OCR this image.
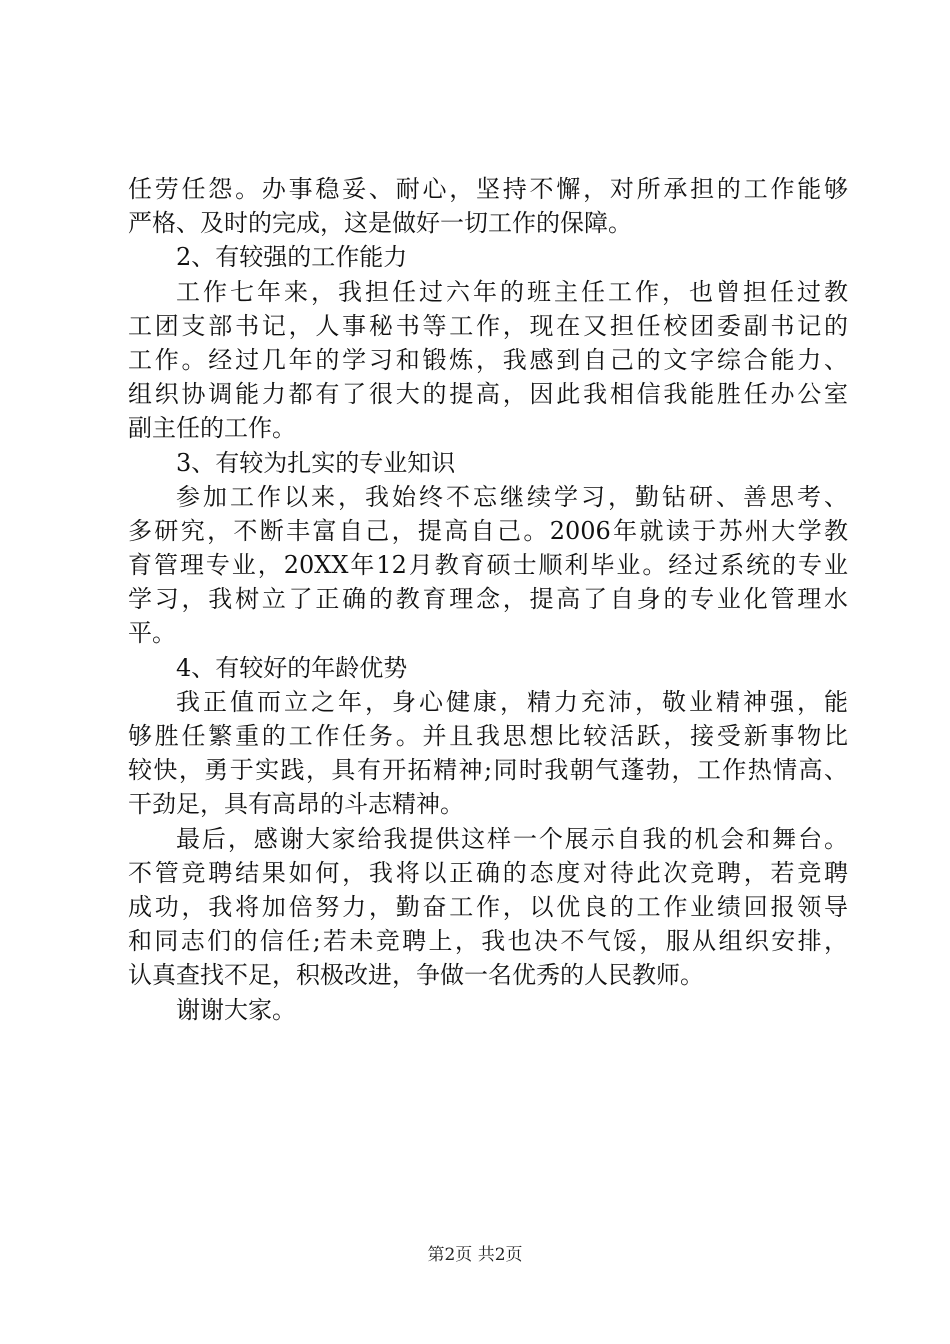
任劳任怨。办事稳妥、耐心，坚持不懈，对所承担的工作能够
严格、及时的完成，这是做好一切工作的保障。
2、有较强的工作能力
工作七年来，我担任过六年的班主任工作，也曾担任过教
工团支部书记，人事秘书等工作，现在又担任校团委副书记的
工作。经过几年的学习和锻炼，我感到自己的文字综合能力、
组织协调能力都有了很大的提高，因此我相信我能胜任办公室
副主任的工作。
3、有较为扎实的专业知识
参加工作以来，我始终不忘继续学习，勤钻研、善思考、
多研究，不断丰富自己，提高自己。2006年就读于苏州大学教
育管理专业，20XX年12月教育硕士顺利毕业。经过系统的专业
学习，我树立了正确的教育理念，提高了自身的专业化管理水
平。
4、有较好的年龄优势
我正值而立之年，身心健康，精力充沛，敬业精神强，能
够胜任繁重的工作任务。并且我思想比较活跃，接受新事物比
较快，勇于实践，具有开拓精神;同时我朝气蓬勃，工作热情高、
干劲足，具有高昂的斗志精神。
最后，感谢大家给我提供这样一个展示自我的机会和舞台。
不管竞聘结果如何，我将以正确的态度对待此次竞聘，若竞聘
成功，我将加倍努力，勤奋工作，以优良的工作业绩回报领导
和同志们的信任;若未竞聘上，我也决不气馁，服从组织安排，
认真查找不足，积极改进，争做一名优秀的人民教师。
谢谢大家。
第2页 共2页
